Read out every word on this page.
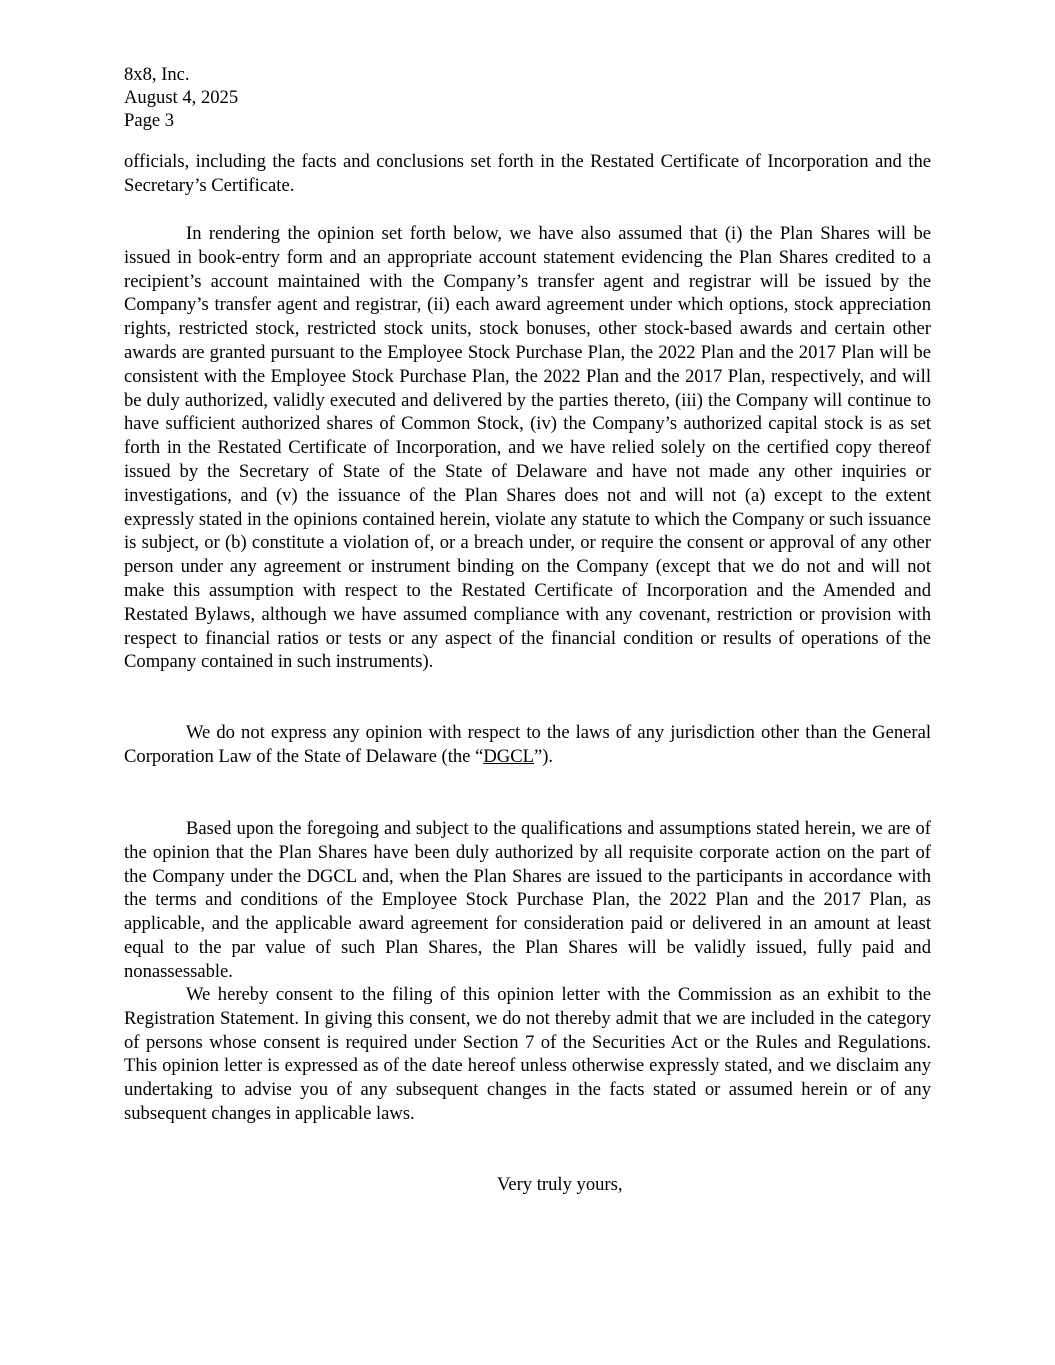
8x8, Inc.
August 4, 2025
Page 3

officials, including the facts and conclusions set forth in the Restated Certificate of Incorporation and the Secretary’s Certificate.

In rendering the opinion set forth below, we have also assumed that (i) the Plan Shares will be issued in book-entry form and an appropriate account statement evidencing the Plan Shares credited to a recipient’s account maintained with the Company’s transfer agent and registrar will be issued by the Company’s transfer agent and registrar, (ii) each award agreement under which options, stock appreciation rights, restricted stock, restricted stock units, stock bonuses, other stock-based awards and certain other awards are granted pursuant to the Employee Stock Purchase Plan, the 2022 Plan and the 2017 Plan will be consistent with the Employee Stock Purchase Plan, the 2022 Plan and the 2017 Plan, respectively, and will be duly authorized, validly executed and delivered by the parties thereto, (iii) the Company will continue to have sufficient authorized shares of Common Stock, (iv) the Company’s authorized capital stock is as set forth in the Restated Certificate of Incorporation, and we have relied solely on the certified copy thereof issued by the Secretary of State of the State of Delaware and have not made any other inquiries or investigations, and (v) the issuance of the Plan Shares does not and will not (a) except to the extent expressly stated in the opinions contained herein, violate any statute to which the Company or such issuance is subject, or (b) constitute a violation of, or a breach under, or require the consent or approval of any other person under any agreement or instrument binding on the Company (except that we do not and will not make this assumption with respect to the Restated Certificate of Incorporation and the Amended and Restated Bylaws, although we have assumed compliance with any covenant, restriction or provision with respect to financial ratios or tests or any aspect of the financial condition or results of operations of the Company contained in such instruments).

We do not express any opinion with respect to the laws of any jurisdiction other than the General Corporation Law of the State of Delaware (the “DGCL”).

Based upon the foregoing and subject to the qualifications and assumptions stated herein, we are of the opinion that the Plan Shares have been duly authorized by all requisite corporate action on the part of the Company under the DGCL and, when the Plan Shares are issued to the participants in accordance with the terms and conditions of the Employee Stock Purchase Plan, the 2022 Plan and the 2017 Plan, as applicable, and the applicable award agreement for consideration paid or delivered in an amount at least equal to the par value of such Plan Shares, the Plan Shares will be validly issued, fully paid and nonassessable.

We hereby consent to the filing of this opinion letter with the Commission as an exhibit to the Registration Statement. In giving this consent, we do not thereby admit that we are included in the category of persons whose consent is required under Section 7 of the Securities Act or the Rules and Regulations. This opinion letter is expressed as of the date hereof unless otherwise expressly stated, and we disclaim any undertaking to advise you of any subsequent changes in the facts stated or assumed herein or of any subsequent changes in applicable laws.

Very truly yours,
